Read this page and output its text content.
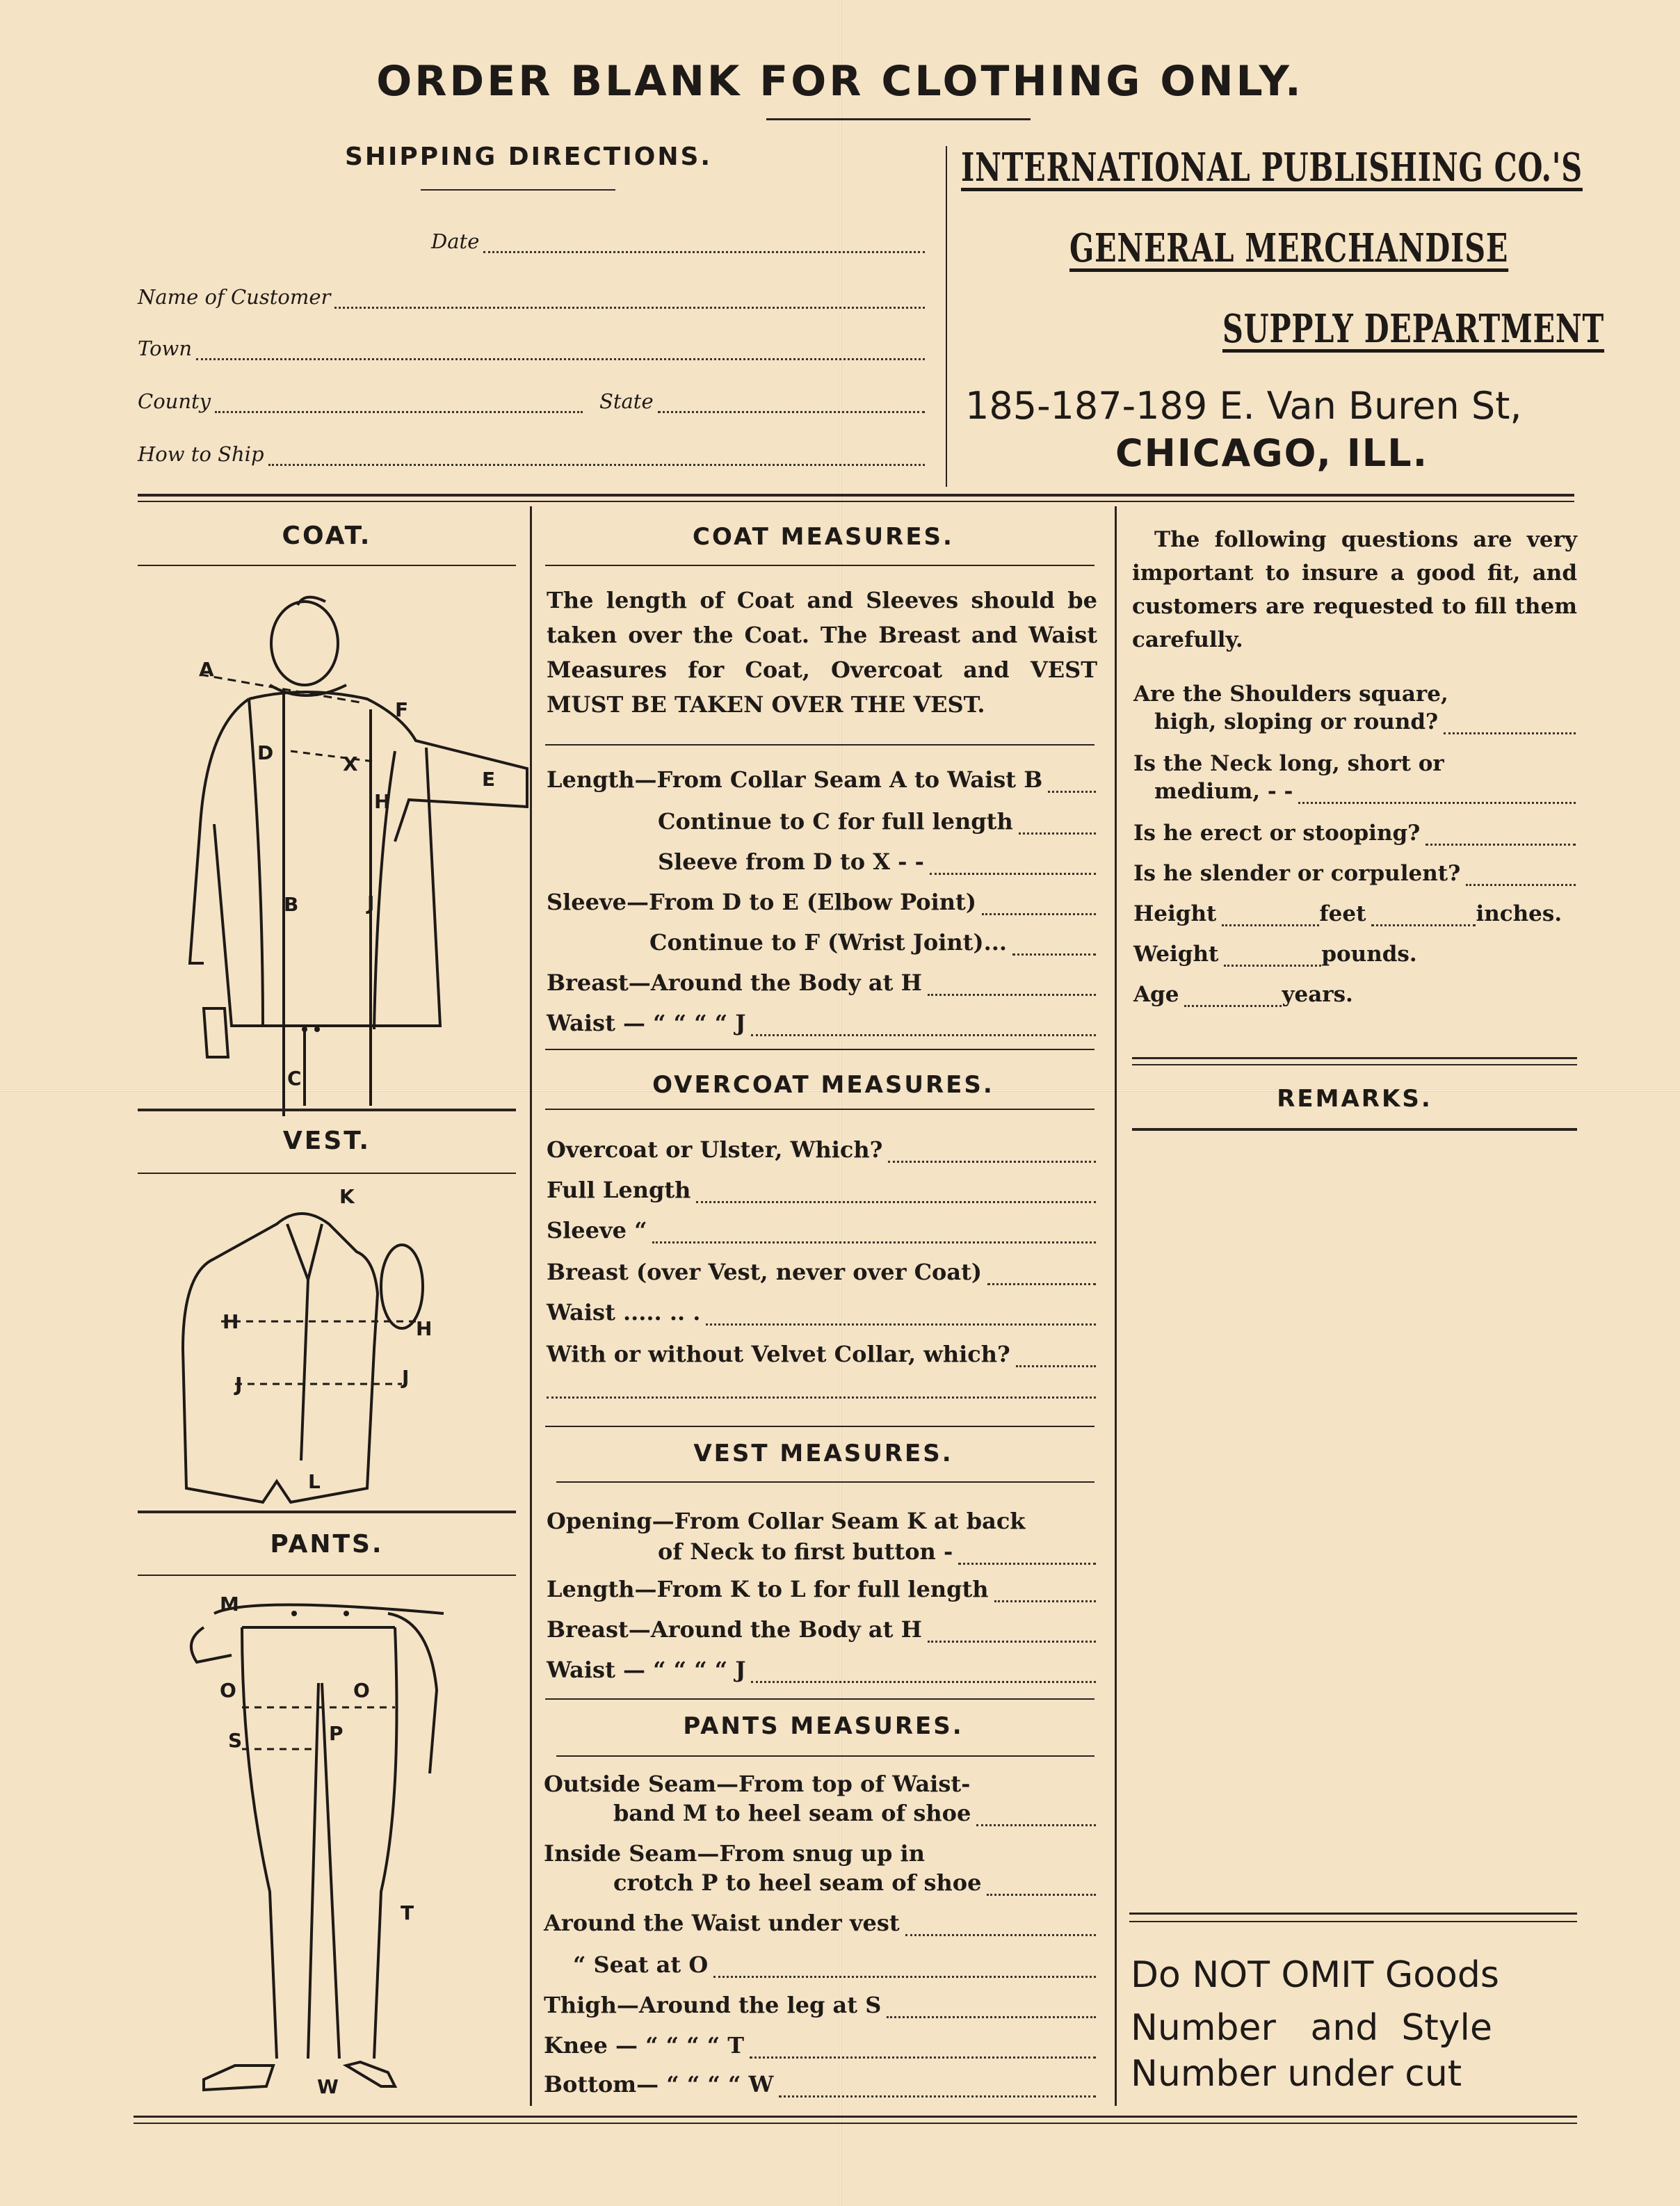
ORDER BLANK FOR CLOTHING ONLY.
SHIPPING DIRECTIONS.
Date
Name of Customer
Town
County	State
How to Ship
INTERNATIONAL PUBLISHING CO.'S
GENERAL MERCHANDISE
SUPPLY DEPARTMENT
185-187-189 E. Van Buren St,
CHICAGO, ILL.
COAT.
A
F
D	X
E
H
B	J
C
VEST.
K
H	H
J	J
L
PANTS.
M
O	O
S	P
T
W
COAT MEASURES.
The length of Coat and Sleeves should be taken over the Coat. The Breast and Waist Measures for Coat, Overcoat and VEST MUST BE TAKEN OVER THE VEST.
Length—From Collar Seam A to Waist B
Continue to C for full length
Sleeve from D to X - -
Sleeve—From D to E (Elbow Point)
Continue to F (Wrist Joint)...
Breast—Around the Body at H
Waist — “ “ “ “ J
OVERCOAT MEASURES.
Overcoat or Ulster, Which?
Full Length
Sleeve “
Breast (over Vest, never over Coat)
Waist ..... .. .
With or without Velvet Collar, which?
VEST MEASURES.
Opening—From Collar Seam K at back
of Neck to first button -
Length—From K to L for full length
Breast—Around the Body at H
Waist — “ “ “ “ J
PANTS MEASURES.
Outside Seam—From top of Waist-
band M to heel seam of shoe
Inside Seam—From snug up in
crotch P to heel seam of shoe
Around the Waist under vest
“ Seat at O
Thigh—Around the leg at S
Knee — “ “ “ “ T
Bottom— “ “ “ “ W
The following questions are very important to insure a good fit, and customers are requested to fill them carefully.
Are the Shoulders square,
high, sloping or round?
Is the Neck long, short or
medium, - -
Is he erect or stooping?
Is he slender or corpulent?
Height	feet	inches.
Weight	pounds.
Age	years.
REMARKS.
Do NOT OMIT Goods
Number   and  Style
Number under cut
